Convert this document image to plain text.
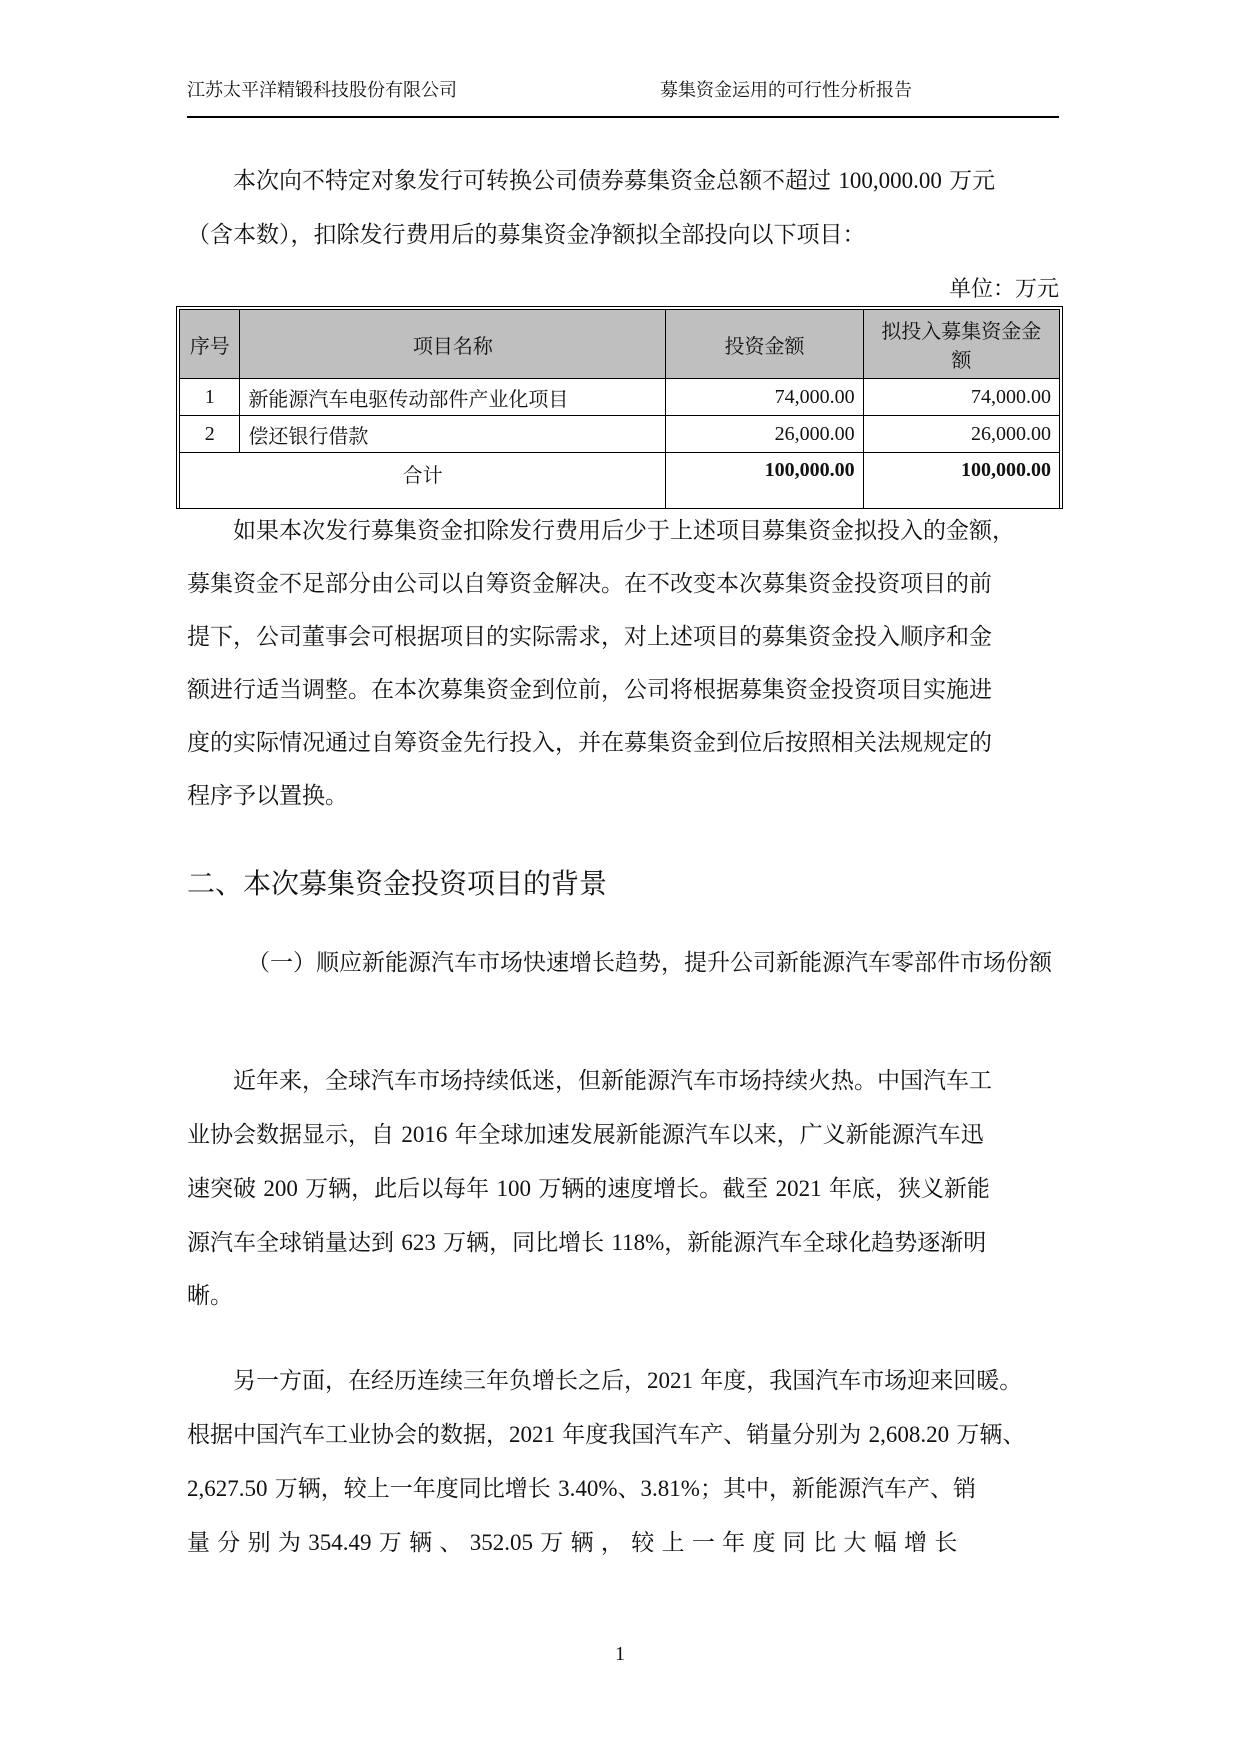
江苏太平洋精锻科技股份有限公司	募集资金运用的可行性分析报告
本次向不特定对象发行可转换公司债券募集资金总额不超过 100,000.00 万元
（含本数），扣除发行费用后的募集资金净额拟全部投向以下项目：
单位：万元
序号	项目名称	投资金额	拟投入募集资金金额
1	新能源汽车电驱传动部件产业化项目	74,000.00	74,000.00
2	偿还银行借款	26,000.00	26,000.00
合计		100,000.00	100,000.00
如果本次发行募集资金扣除发行费用后少于上述项目募集资金拟投入的金额，
募集资金不足部分由公司以自筹资金解决。在不改变本次募集资金投资项目的前
提下，公司董事会可根据项目的实际需求，对上述项目的募集资金投入顺序和金
额进行适当调整。在本次募集资金到位前，公司将根据募集资金投资项目实施进
度的实际情况通过自筹资金先行投入，并在募集资金到位后按照相关法规规定的
程序予以置换。
二、本次募集资金投资项目的背景
（一）顺应新能源汽车市场快速增长趋势，提升公司新能源汽车零部件市场份额
近年来，全球汽车市场持续低迷，但新能源汽车市场持续火热。中国汽车工
业协会数据显示，自 2016 年全球加速发展新能源汽车以来，广义新能源汽车迅
速突破 200 万辆，此后以每年 100 万辆的速度增长。截至 2021 年底，狭义新能
源汽车全球销量达到 623 万辆，同比增长 118%，新能源汽车全球化趋势逐渐明
晰。
另一方面，在经历连续三年负增长之后，2021 年度，我国汽车市场迎来回暖。
根据中国汽车工业协会的数据，2021 年度我国汽车产、销量分别为 2,608.20 万辆、
2,627.50 万辆，较上一年度同比增长 3.40%、3.81%；其中，新能源汽车产、销
量 分 别 为 354.49 万 辆 、 352.05 万 辆 ， 较 上 一 年 度 同 比 大 幅 增 长
1
